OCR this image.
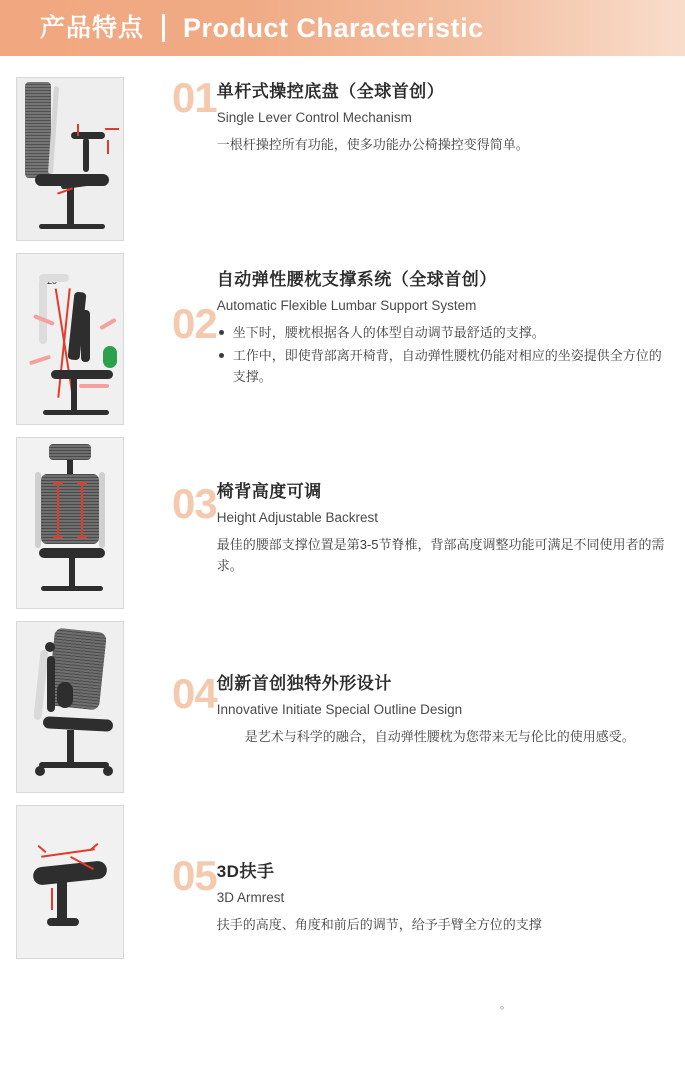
产品特点 Product Characteristic
01 单杆式操控底盘（全球首创）
Single Lever Control Mechanism

一根杆操控所有功能，使多功能办公椅操控变得简单。

02
自动弹性腰枕支撑系统（全球首创）
Automatic Flexible Lumbar Support System
坐下时，腰枕根据各人的体型自动调节最舒适的支撑。
工作中，即使背部离开椅背，自动弹性腰枕仍能对相应的坐姿提供全方位的支撑。
03 椅背高度可调
Height Adjustable Backrest

最佳的腰部支撑位置是第3-5节脊椎，背部高度调整功能可满足不同使用者的需求。

04 创新首创独特外形设计
Innovative Initiate Special Outline Design

是艺术与科学的融合，自动弹性腰枕为您带来无与伦比的使用感受。

05 3D扶手
3D Armrest

扶手的高度、角度和前后的调节，给予手臂全方位的支撑

。
